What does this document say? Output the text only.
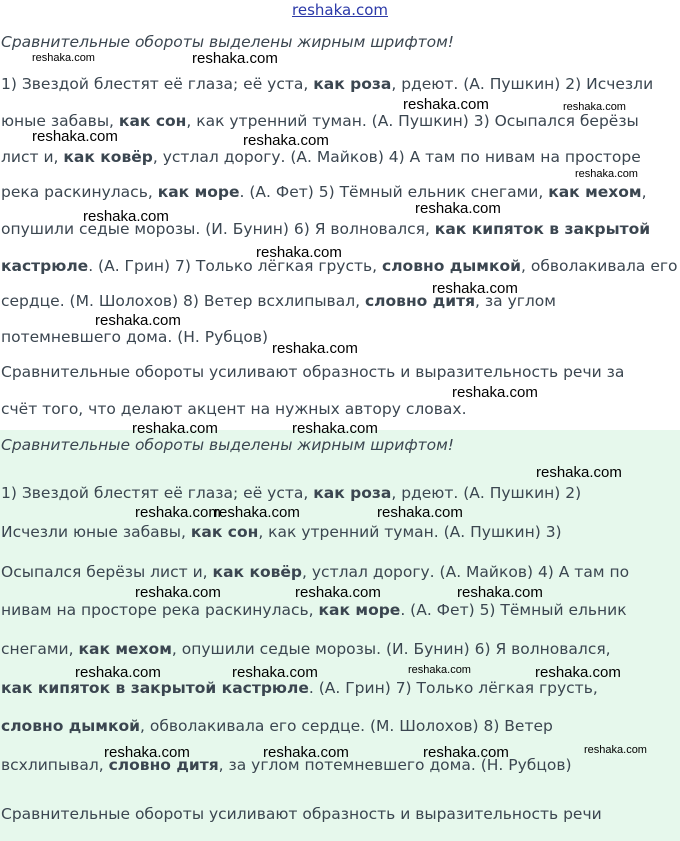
reshaka.com
Сравнительные обороты выделены жирным шрифтом!
1) Звездой блестят её глаза; её уста, как роза, рдеют. (А. Пушкин) 2) Исчезли
юные забавы, как сон, как утренний туман. (А. Пушкин) 3) Осыпался берёзы
лист и, как ковёр, устлал дорогу. (А. Майков) 4) А там по нивам на просторе
река раскинулась, как море. (А. Фет) 5) Тёмный ельник снегами, как мехом,
опушили седые морозы. (И. Бунин) 6) Я волновался, как кипяток в закрытой
кастрюле. (А. Грин) 7) Только лёгкая грусть, словно дымкой, обволакивала его
сердце. (М. Шолохов) 8) Ветер всхлипывал, словно дитя, за углом
потемневшего дома. (Н. Рубцов)
Сравнительные обороты усиливают образность и выразительность речи за
счёт того, что делают акцент на нужных автору словах.
Сравнительные обороты выделены жирным шрифтом!
1) Звездой блестят её глаза; её уста, как роза, рдеют. (А. Пушкин) 2)
Исчезли юные забавы, как сон, как утренний туман. (А. Пушкин) 3)
Осыпался берёзы лист и, как ковёр, устлал дорогу. (А. Майков) 4) А там по
нивам на просторе река раскинулась, как море. (А. Фет) 5) Тёмный ельник
снегами, как мехом, опушили седые морозы. (И. Бунин) 6) Я волновался,
как кипяток в закрытой кастрюле. (А. Грин) 7) Только лёгкая грусть,
словно дымкой, обволакивала его сердце. (М. Шолохов) 8) Ветер
всхлипывал, словно дитя, за углом потемневшего дома. (Н. Рубцов)
Сравнительные обороты усиливают образность и выразительность речи
reshaka.com	reshaka.com
reshaka.com	reshaka.com
reshaka.com	reshaka.com
reshaka.com
reshaka.com
reshaka.com
reshaka.com
reshaka.com
reshaka.com
reshaka.com
reshaka.com
reshaka.com	reshaka.com
reshaka.com
reshaka.com
reshaka.com	reshaka.com
reshaka.com	reshaka.com	reshaka.com
reshaka.com	reshaka.com	reshaka.com	reshaka.com
reshaka.com	reshaka.com	reshaka.com	reshaka.com
